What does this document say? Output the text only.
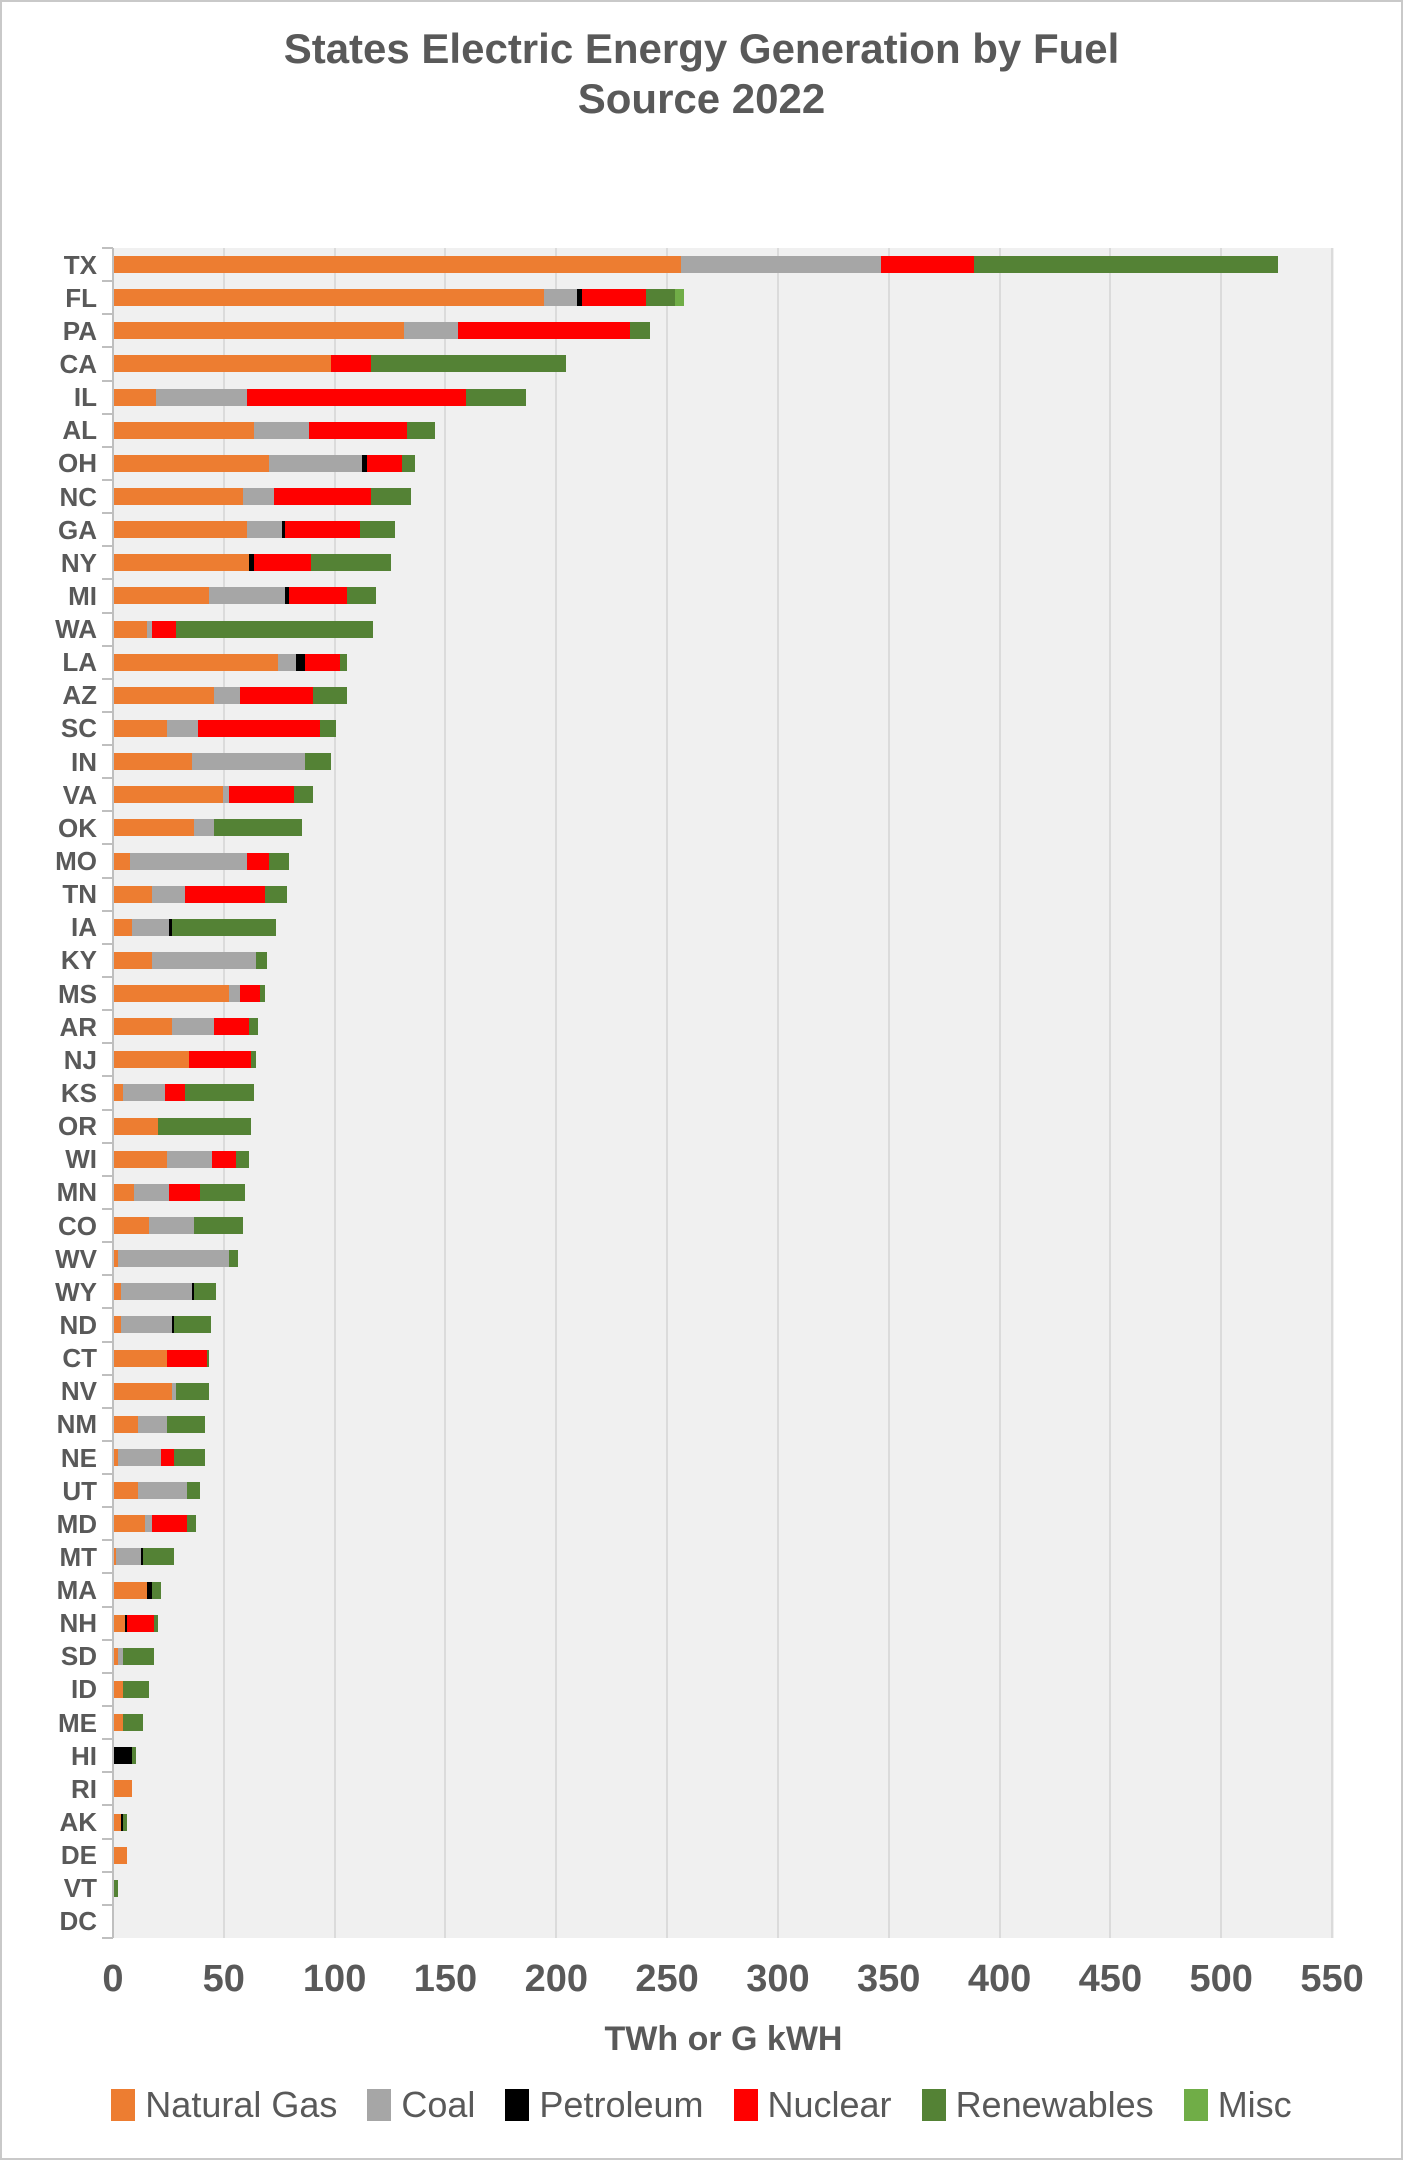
States Electric Energy Generation by Fuel
Source 2022
TX
FL
PA
CA
IL
AL
OH
NC
GA
NY
MI
WA
LA
AZ
SC
IN
VA
OK
MO
TN
IA
KY
MS
AR
NJ
KS
OR
WI
MN
CO
WV
WY
ND
CT
NV
NM
NE
UT
MD
MT
MA
NH
SD
ID
ME
HI
RI
AK
DE
VT
DC
0	50	100	150	200	250	300	350	400	450	500	550
TWh or G kWH
Natural Gas Coal Petroleum Nuclear Renewables Misc
